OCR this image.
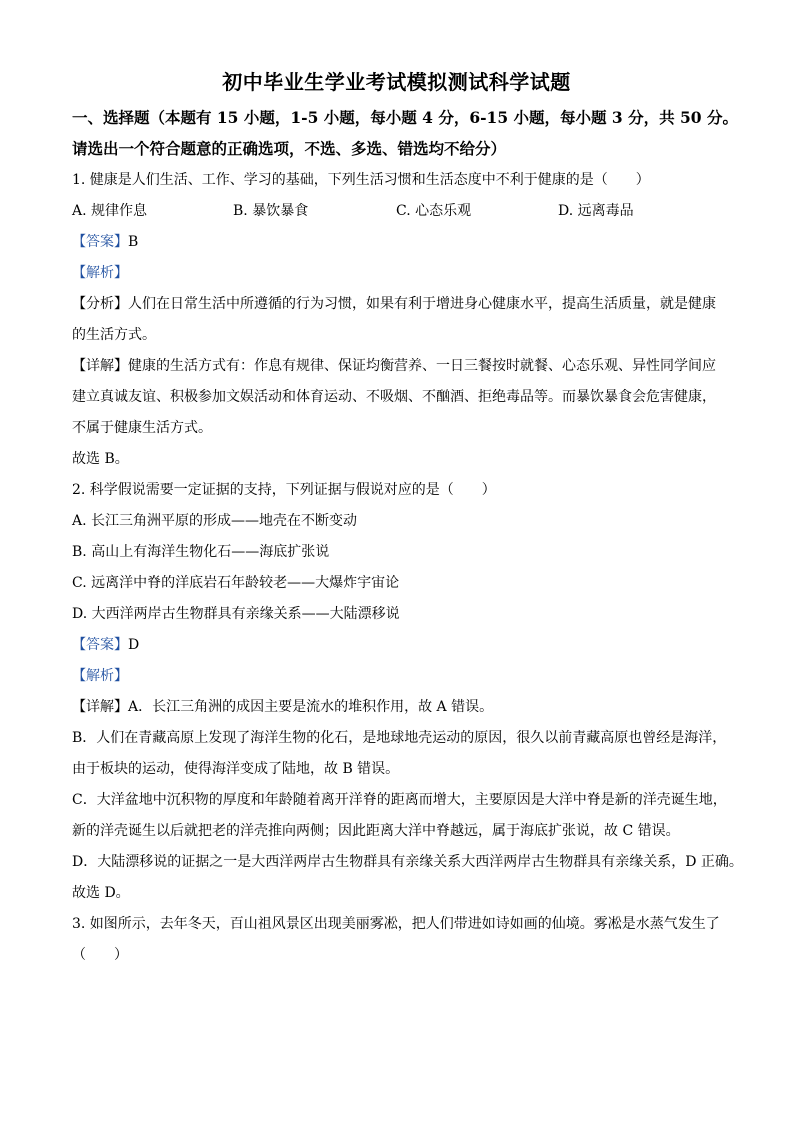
初中毕业生学业考试模拟测试科学试题
一、选择题（本题有 15 小题，1-5 小题，每小题 4 分，6-15 小题，每小题 3 分，共 50 分。
请选出一个符合题意的正确选项，不选、多选、错选均不给分）
1. 健康是人们生活、工作、学习的基础，下列生活习惯和生活态度中不利于健康的是（　　）
A. 规律作息	B. 暴饮暴食	C. 心态乐观	D. 远离毒品
【答案】B
【解析】
【分析】人们在日常生活中所遵循的行为习惯，如果有利于增进身心健康水平，提高生活质量，就是健康
的生活方式。
【详解】健康的生活方式有：作息有规律、保证均衡营养、一日三餐按时就餐、心态乐观、异性同学间应
建立真诚友谊、积极参加文娱活动和体育运动、不吸烟、不酗酒、拒绝毒品等。而暴饮暴食会危害健康，
不属于健康生活方式。
故选 B。
2. 科学假说需要一定证据的支持，下列证据与假说对应的是（　　）
A. 长江三角洲平原的形成——地壳在不断变动
B. 高山上有海洋生物化石——海底扩张说
C. 远离洋中脊的洋底岩石年龄较老——大爆炸宇宙论
D. 大西洋两岸古生物群具有亲缘关系——大陆漂移说
【答案】D
【解析】
【详解】A．长江三角洲的成因主要是流水的堆积作用，故 A 错误。
B．人们在青藏高原上发现了海洋生物的化石，是地球地壳运动的原因，很久以前青藏高原也曾经是海洋，
由于板块的运动，使得海洋变成了陆地，故 B 错误。
C．大洋盆地中沉积物的厚度和年龄随着离开洋脊的距离而增大，主要原因是大洋中脊是新的洋壳诞生地，
新的洋壳诞生以后就把老的洋壳推向两侧；因此距离大洋中脊越远，属于海底扩张说，故 C 错误。
D．大陆漂移说的证据之一是大西洋两岸古生物群具有亲缘关系大西洋两岸古生物群具有亲缘关系，D 正确。
故选 D。
3. 如图所示，去年冬天，百山祖风景区出现美丽雾凇，把人们带进如诗如画的仙境。雾凇是水蒸气发生了
（　　）
